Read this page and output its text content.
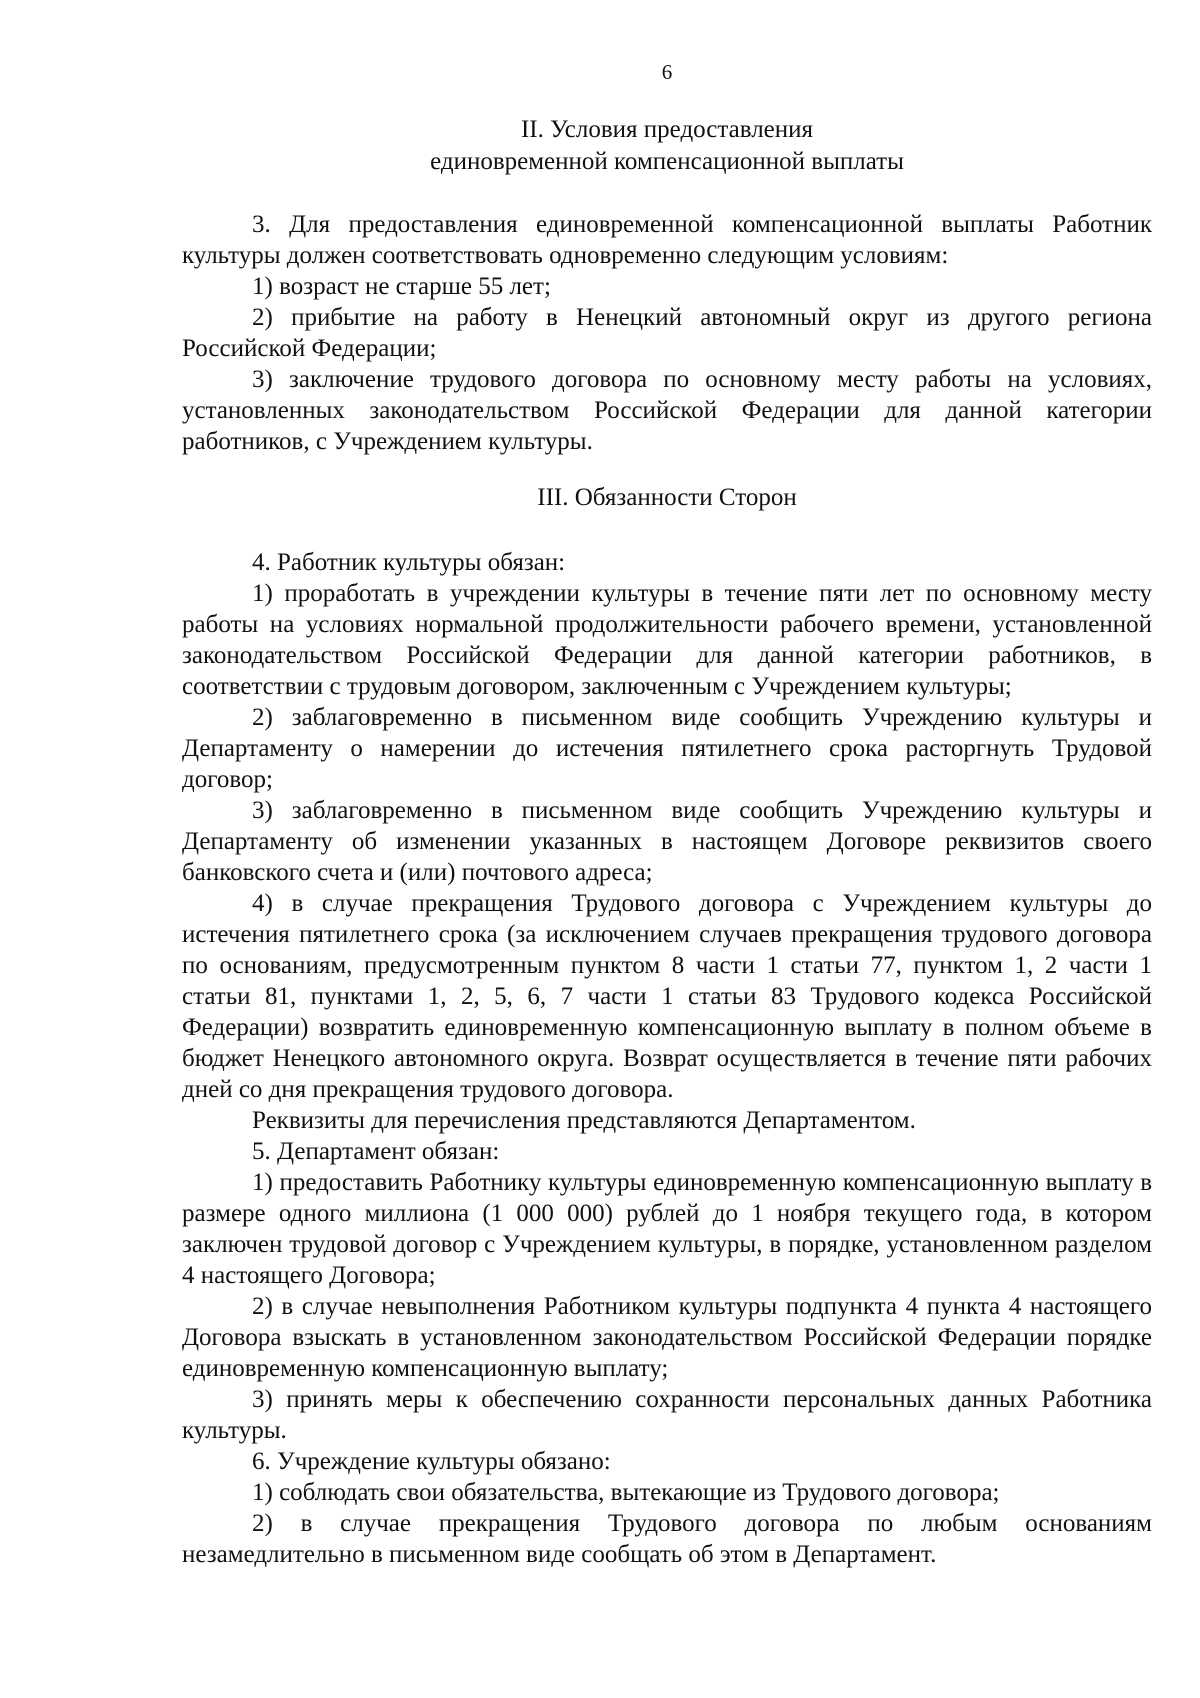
6
II. Условия предоставления
единовременной компенсационной выплаты

3. Для предоставления единовременной компенсационной выплаты Работник культуры должен соответствовать одновременно следующим условиям:

1) возраст не старше 55 лет;

2) прибытие на работу в Ненецкий автономный округ из другого региона Российской Федерации;

3) заключение трудового договора по основному месту работы на условиях, установленных законодательством Российской Федерации для данной категории работников, с Учреждением культуры.

III. Обязанности Сторон

4. Работник культуры обязан:

1) проработать в учреждении культуры в течение пяти лет по основному месту работы на условиях нормальной продолжительности рабочего времени, установленной законодательством Российской Федерации для данной категории работников, в соответствии с трудовым договором, заключенным с Учреждением культуры;

2) заблаговременно в письменном виде сообщить Учреждению культуры и Департаменту о намерении до истечения пятилетнего срока расторгнуть Трудовой договор;

3) заблаговременно в письменном виде сообщить Учреждению культуры и Департаменту об изменении указанных в настоящем Договоре реквизитов своего банковского счета и (или) почтового адреса;

4) в случае прекращения Трудового договора с Учреждением культуры до истечения пятилетнего срока (за исключением случаев прекращения трудового договора по основаниям, предусмотренным пунктом 8 части 1 статьи 77, пунктом 1, 2 части 1 статьи 81, пунктами 1, 2, 5, 6, 7 части 1 статьи 83 Трудового кодекса Российской Федерации) возвратить единовременную компенсационную выплату в полном объеме в бюджет Ненецкого автономного округа. Возврат осуществляется в течение пяти рабочих дней со дня прекращения трудового договора.

Реквизиты для перечисления представляются Департаментом.

5. Департамент обязан:

1) предоставить Работнику культуры единовременную компенсационную выплату в размере одного миллиона (1 000 000) рублей до 1 ноября текущего года, в котором заключен трудовой договор с Учреждением культуры, в порядке, установленном разделом 4 настоящего Договора;

2) в случае невыполнения Работником культуры подпункта 4 пункта 4 настоящего Договора взыскать в установленном законодательством Российской Федерации порядке единовременную компенсационную выплату;

3) принять меры к обеспечению сохранности персональных данных Работника культуры.

6. Учреждение культуры обязано:

1) соблюдать свои обязательства, вытекающие из Трудового договора;

2) в случае прекращения Трудового договора по любым основаниям незамедлительно в письменном виде сообщать об этом в Департамент.
